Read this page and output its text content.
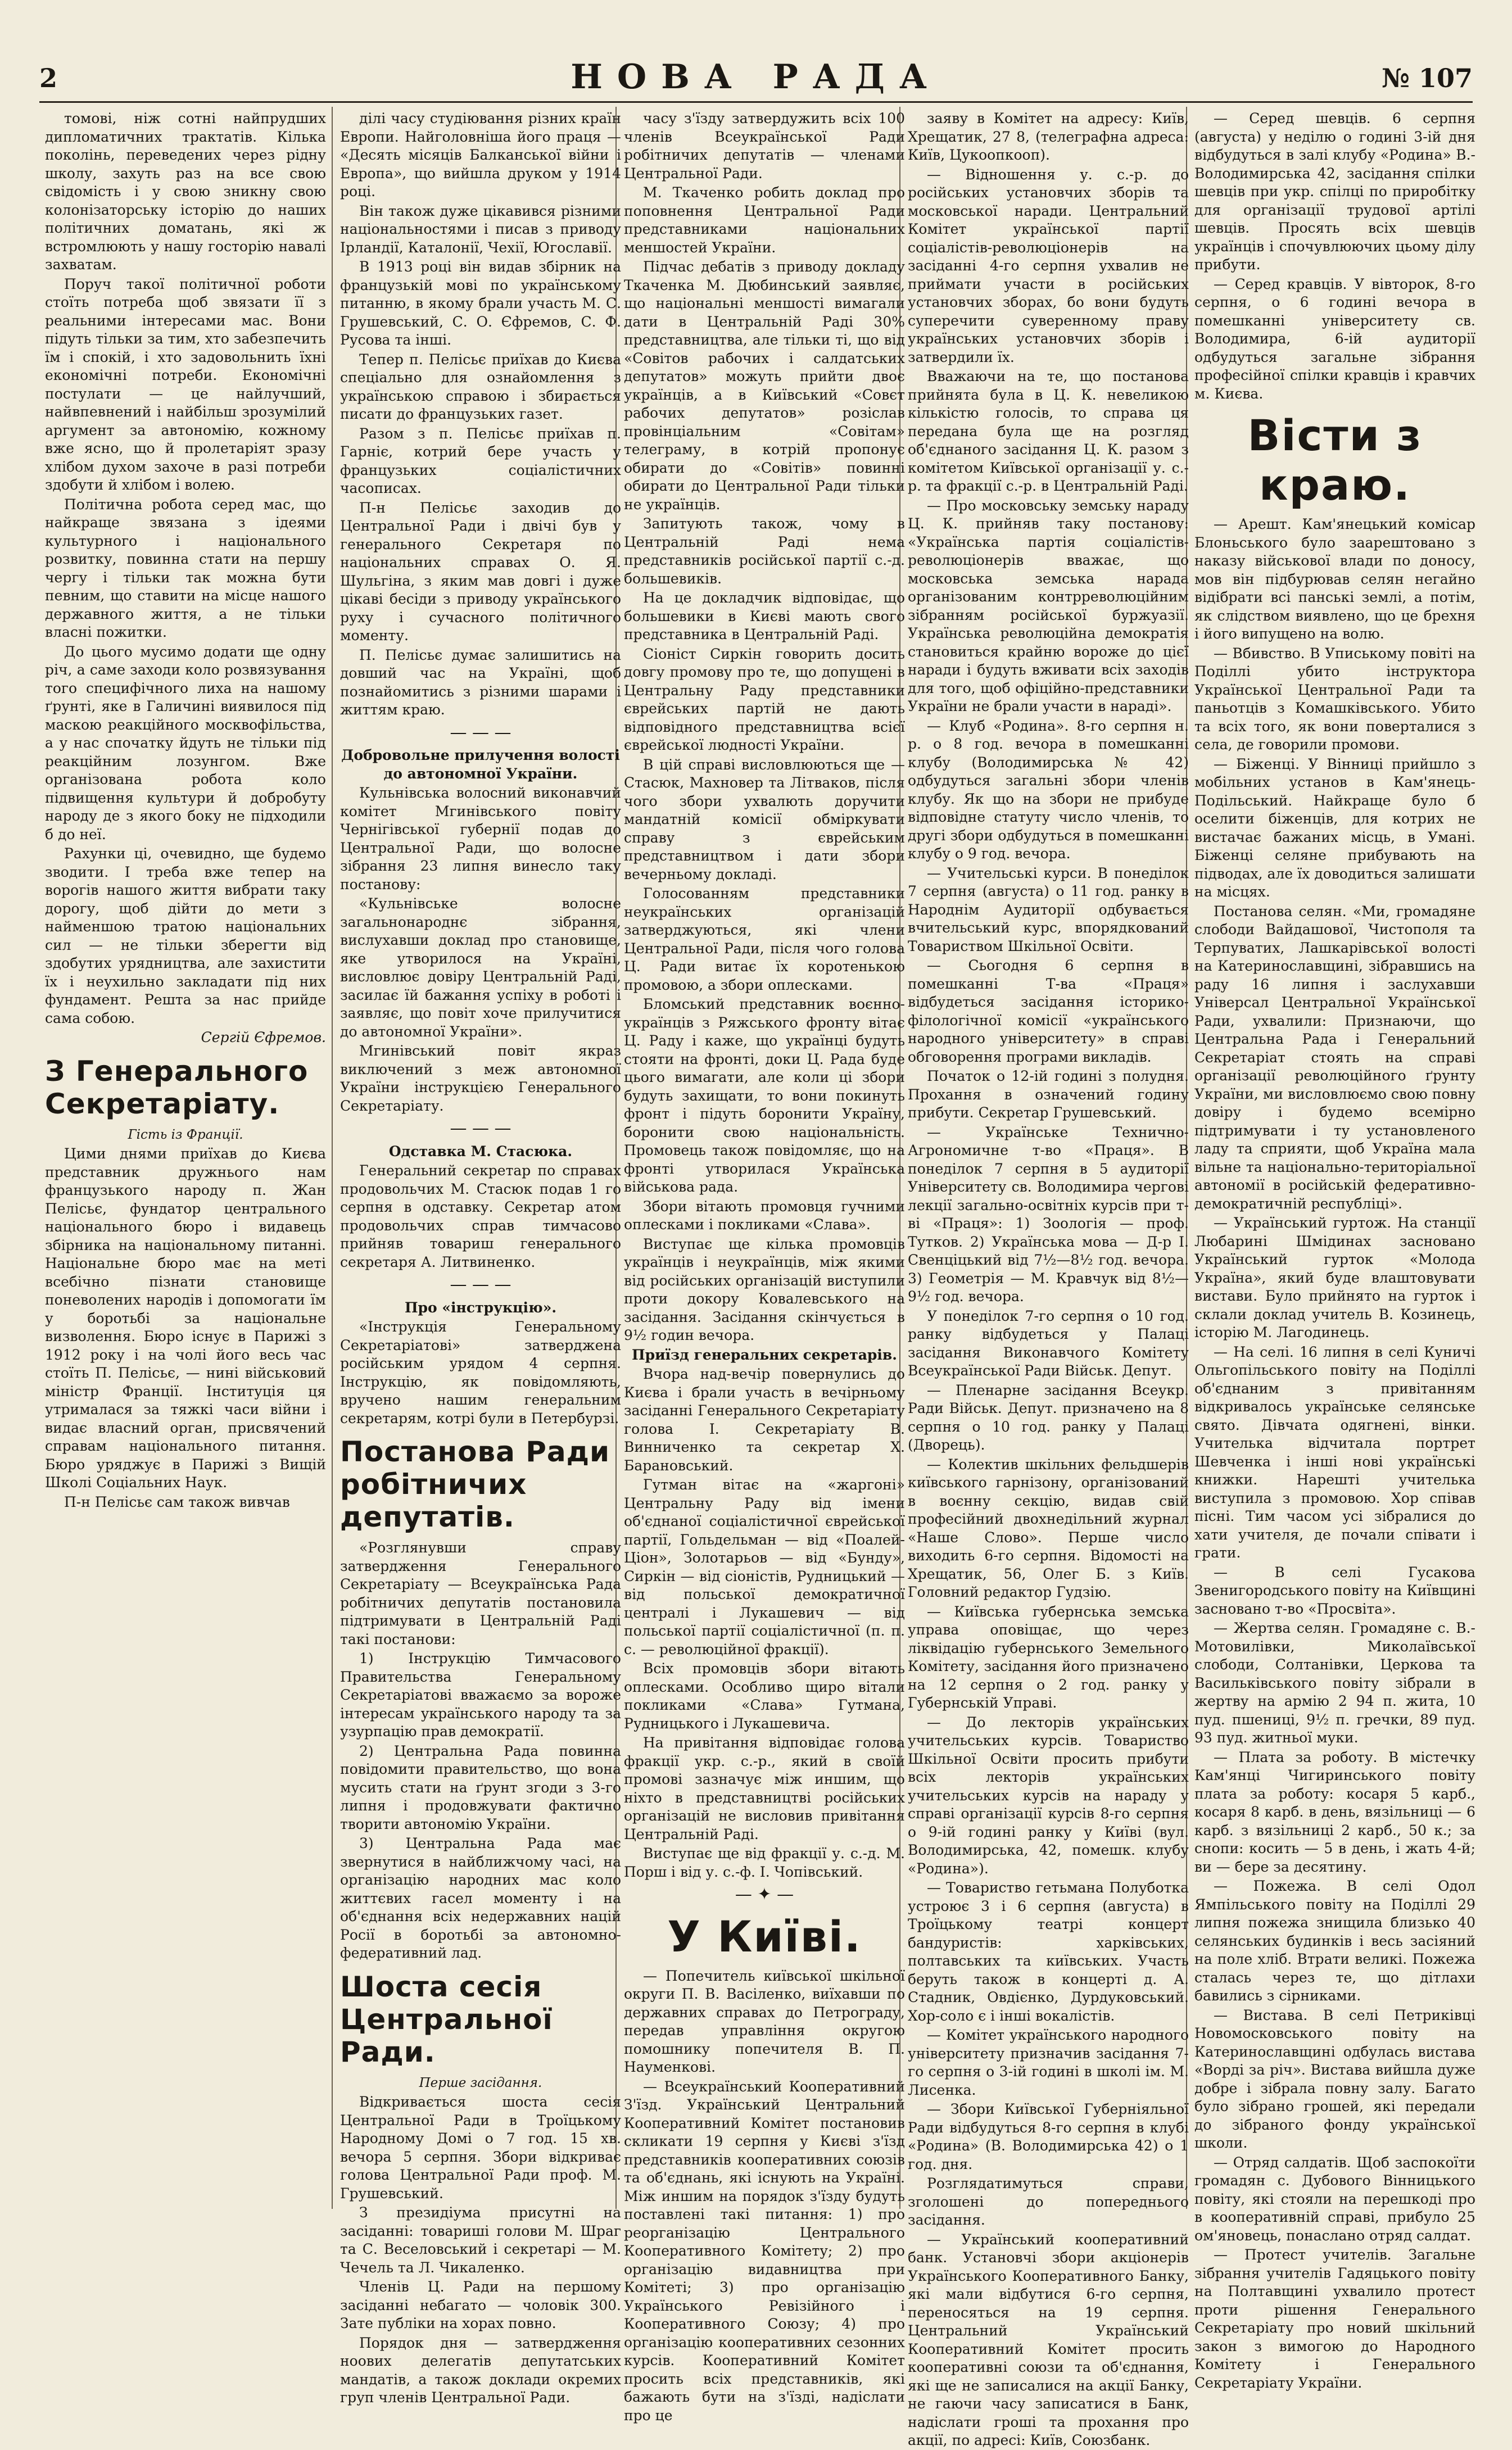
2	НОВА РАДА	№ 107

томові, ніж сотні найпрудших дипломатичних трактатів. Кілька поколінь, переведених через рідну школу, захуть раз на все свою свідомість і у свою зникну свою колонізаторську історію до наших політичних доматань, які ж встромлюють у нашу госторію навалі захватам.

Поруч такої політичної роботи стоїть потреба щоб звязати її з реальними інтересами мас. Вони підуть тільки за тим, хто забезпечить їм і спокій, і хто задовольнить їхні економічні потреби. Економічні постулати — це найлучший, найвпевнений і найбільш зрозумілий аргумент за автономію, кожному вже ясно, що й пролетаріят зразу хлібом духом захоче в разі потреби здобути й хлібом і волею.

Політична робота серед мас, що найкраще звязана з ідеями культурного і національного розвитку, повинна стати на першу чергу і тільки так можна бути певним, що ставити на місце нашого державного життя, а не тільки власні пожитки.

До цього мусимо додати ще одну річ, а саме заходи коло розвязування того специфічного лиха на нашому ґрунті, яке в Галичині виявилося під маскою реакційного москвофільства, а у нас спочатку йдуть не тільки під реакційним лозунгом. Вже організована робота коло підвищення культури й добробуту народу де з якого боку не підходили б до неї.

Рахунки ці, очевидно, ще будемо зводити. І треба вже тепер на ворогів нашого життя вибрати таку дорогу, щоб дійти до мети з найменшою тратою національних сил — не тільки зберегти від здобутих урядництва, але захистити їх і неухильно закладати під них фундамент. Решта за нас прийде сама собою.

Сергій Єфремов.

З Генерального Секретаріату.

Гість із Франції.

Цими днями приїхав до Києва представник дружнього нам французького народу п. Жан Пелісьє, фундатор центрального національного бюро і видавець збірника на національному питанні. Національне бюро має на меті всебічно пізнати становище поневолених народів і допомогати їм у боротьбі за національне визволення. Бюро існує в Парижі з 1912 року і на чолі його весь час стоїть П. Пелісьє, — нині військовий міністр Франції. Інституція ця утрималася за тяжкі часи війни і видає власний орган, присвячений справам національного питання. Бюро уряджує в Парижі з Вищій Школі Соціальних Наук.

П-н Пелісьє сам також вивчав

ділі часу студіювання різних країн Европи. Найголовніша його праця — «Десять місяців Балканської війни і Европа», що вийшла друком у 1914 році.

Він також дуже цікавився різними національностями і писав з приводу Ірландії, Каталонії, Чехії, Югославії.

В 1913 році він видав збірник на французькій мові по українському питанню, в якому брали участь М. С. Грушевський, С. О. Єфремов, С. Ф. Русова та інші.

Тепер п. Пелісьє приїхав до Києва спеціально для ознайомлення з українською справою і збирається писати до французьких газет.

Разом з п. Пелісьє приїхав п. Гарніє, котрий бере участь у французьких соціалістичних часописах.

П-н Пелісьє заходив до Центральної Ради і двічі був у генерального Секретаря по національних справах О. Я. Шульгіна, з яким мав довгі і дуже цікаві бесіди з приводу українського руху і сучасного політичного моменту.

П. Пелісьє думає залишитись на довший час на Україні, щоб познайомитись з різними шарами і життям краю.

— — —

Добровольне прилучення волості до автономної України.

Кульнівська волосний виконавчий комітет Мгинівського повіту Чернігівської губернії подав до Центральної Ради, що волосне зібрання 23 липня винесло таку постанову:

«Кульнівське волосне загальнонароднє зібрання, вислухавши доклад про становище, яке утворилося на Україні, висловлює довіру Центральній Раді, засилає їй бажання успіху в роботі і заявляє, що повіт хоче прилучитися до автономної України».

Мгинівський повіт якраз виключений з меж автономної України інструкцією Генерального Секретаріату.

— — —

Одставка М. Стасюка.

Генеральний секретар по справах продовольчих М. Стасюк подав 1 го серпня в одставку. Секретар атом продовольчих справ тимчасово прийняв товариш генерального секретаря А. Литвиненко.

— — —

Про «інструкцію».

«Інструкція Генеральному Секретаріатові» затверджена російським урядом 4 серпня. Інструкцію, як повідомляють, вручено нашим генеральним секретарям, котрі були в Петербурзі.

Постанова Ради робітничих депутатів.

«Розглянувши справу затвердження Генерального Секретаріату — Всеукраїнська Рада робітничих депутатів постановила підтримувати в Центральній Раді такі постанови:

1) Інструкцію Тимчасового Правительства Генеральному Секретаріатові вважаємо за вороже інтересам українського народу та за узурпацію прав демократії.

2) Центральна Рада повинна повідомити правительство, що вона мусить стати на ґрунт згоди з 3-го липня і продовжувати фактично творити автономію України.

3) Центральна Рада має звернутися в найближчому часі, на організацію народних мас коло життєвих гасел моменту і на об'єднання всіх недержавних націй Росії в боротьбі за автономно-федеративний лад.

Шоста сесія Центральної Ради.

Перше засідання.

Відкривається шоста сесія Центральної Ради в Троїцькому Народному Домі о 7 год. 15 хв. вечора 5 серпня. Збори відкриває голова Центральної Ради проф. М. Грушевський.

З президіума присутні на засіданні: товариші голови М. Шраг та С. Веселовський і секретарі — М. Чечель та Л. Чикаленко.

Членів Ц. Ради на першому засіданні небагато — чоловік 300. Зате публіки на хорах повно.

Порядок дня — затвердження ноових делегатів депутатських мандатів, а також доклади окремих груп членів Центральної Ради.

часу з'їзду затвердужить всіх 100 членів Всеукраїнської Ради робітничих депутатів — членами Центральної Ради.

М. Ткаченко робить доклад про поповнення Центральної Ради представниками національних меншостей України.

Підчас дебатів з приводу докладу Ткаченка М. Дюбинський заявляє, що національні меншості вимагали дати в Центральній Раді 30% представництва, але тільки ті, що від «Совітов рабочих і салдатських депутатов» можуть прийти двоє українців, а в Київський «Совєт рабочих депутатов» розіслав провінціальним «Совітам» телеграму, в котрій пропонує обирати до «Совітів» повинні обирати до Центральної Ради тільки не українців.

Запитують також, чому в Центральній Раді нема представників російської партії с.-д. большевиків.

На це докладчик відповідає, що большевики в Києві мають свого представника в Центральній Раді.

Сіоніст Сиркін говорить досить довгу промову про те, що допущені в Центральну Раду представники єврейських партій не дають відповідного представництва всієї єврейської людності України.

В цій справі висловлюються ще — Стасюк, Махновер та Літваков, після чого збори ухвалють доручити мандатній комісії обміркувати справу з єврейським представництвом і дати збори вечерньому докладі.

Голосованням представники неукраїнських організацій затверджуються, які члени Центральної Ради, після чого голова Ц. Ради витає їх коротенькою промовою, а збори оплесками.

Бломський представник воєнно-українців з Ряжського фронту вітає Ц. Раду і каже, що українці будуть стояти на фронті, доки Ц. Рада буде цього вимагати, але коли ці збори будуть захищати, то вони покинуть фронт і підуть боронити Україну, боронити свою національність. Промовець також повідомляє, що на фронті утворилася Українська військова рада.

Збори вітають промовця гучними оплесками і покликами «Слава».

Виступає ще кілька промовців українців і неукраїнців, між якими від російських організацій виступили проти докору Ковалевського на засідання. Засідання скінчується в 9½ годин вечора.

Приїзд генеральних секретарів.

Вчора над-вечір повернулись до Києва і брали участь в вечірньому засіданні Генерального Секретаріату голова І. Секретаріату В. Винниченко та секретар Х. Барановський.

Гутман вітає на «жаргоні» Центральну Раду від імени об'єднаної соціалістичної єврейської партії, Гольдельман — від «Поалей-Ціон», Золотарьов — від «Бунду», Сиркін — від сіоністів, Рудницький — від польської демократичної централі і Лукашевич — від польської партії соціалістичної (п. п. с. — революційної фракції).

Всіх промовців збори вітають оплесками. Особливо щиро вітали покликами «Слава» Гутмана, Рудницького і Лукашевича.

На привітання відповідає голова фракції укр. с.-р., який в своїй промові зазначує між иншим, що ніхто в представництві російських організацій не висловив привітання Центральній Раді.

Виступає ще від фракції у. с.-д. М. Порш і від у. с.-ф. І. Чопівський.

— ✦ —

У Київі.

— Попечитель київської шкільної округи П. В. Васіленко, виїхавши по державних справах до Петрограду, передав управління округою помошнику попечителя В. П. Науменкові.

— Всеукраїнський Кооперативний З'їзд. Український Центральний Кооперативний Комітет постановив скликати 19 серпня у Києві з'їзд представників кооперативних союзів та об'єднань, які існують на Україні. Між иншим на порядок з'їзду будуть поставлені такі питання: 1) про реорганізацію Центрального Кооперативного Комітету; 2) про організацію видавництва при Комітеті; 3) про організацію Українського Ревізійного і Кооперативного Союзу; 4) про організацію кооперативних сезонних курсів. Кооперативний Комітет просить всіх представників, які бажають бути на з'їзді, надіслати про це

заяву в Комітет на адресу: Київ, Хрещатик, 27 8, (телеграфна адреса: Київ, Цукоопкооп).

— Відношення у. с.-р. до російських установчих зборів та московської наради. Центральний Комітет української партії соціалістів-революціонерів на засіданні 4-го серпня ухвалив не приймати участи в російських установчих зборах, бо вони будуть суперечити суверенному праву українських установчих зборів і затвердили їх.

Вважаючи на те, що постанова прийнята була в Ц. К. невеликою кількістю голосів, то справа ця передана була ще на розгляд об'єднаного засідання Ц. К. разом з комітетом Київської організації у. с.-р. та фракції с.-р. в Центральній Раді.

— Про московську земську нараду Ц. К. прийняв таку постанову: «Українська партія соціалістів-революціонерів вважає, що московська земська нарада організованим контрреволюційним зібранням російської буржуазії. Українська революційна демократія становиться крайню вороже до цієї наради і будуть вживати всіх заходів для того, щоб офіційно-представники України не брали участи в нараді».

— Клуб «Родина». 8-го серпня н. р. о 8 год. вечора в помешканні клубу (Володимирська № 42) одбудуться загальні збори членів клубу. Як що на збори не прибуде відповідне статуту число членів, то другі збори одбудуться в помешканні клубу о 9 год. вечора.

— Учительські курси. В понеділок 7 серпня (августа) о 11 год. ранку в Народнім Аудиторії одбувається вчительський курс, впорядкований Товариством Шкільної Освіти.

— Сьогодня 6 серпня в помешканні Т-ва «Праця» відбудеться засідання історико-філологічної комісії «українського народного університету» в справі обговорення програми викладів.

Початок о 12-ій годині з полудня. Прохання в означений годину прибути. Секретар Грушевський.

— Українське Технично-Агрономичне т-во «Праця». В понеділок 7 серпня в 5 аудиторії Університету св. Володимира чергові лекції загально-освітніх курсів при т-ві «Праця»: 1) Зоологія — проф. Тутков. 2) Українська мова — Д-р І. Свенціцький від 7½—8½ год. вечора. 3) Геометрія — М. Кравчук від 8½—9½ год. вечора.

У понеділок 7-го серпня о 10 год. ранку відбудеться у Палаці засідання Виконавчого Комітету Всеукраїнської Ради Військ. Депут.

— Пленарне засідання Всеукр. Ради Військ. Депут. призначено на 8 серпня о 10 год. ранку у Палаці (Дворець).

— Колектив шкільних фельдшерів київського гарнізону, організований в воєнну секцію, видав свій професійний двохнедільний журнал «Наше Слово». Перше число виходить 6-го серпня. Відомості на Хрещатик, 56, Олег Б. з Київ. Головний редактор Гудзію.

— Київська губернська земська управа оповіщає, що через ліквідацію губернського Земельного Комітету, засідання його призначено на 12 серпня о 2 год. ранку у Губернській Управі.

— До лекторів українських учительських курсів. Товариство Шкільної Освіти просить прибути всіх лекторів українських учительських курсів на нараду у справі організації курсів 8-го серпня о 9-ій годині ранку у Київі (вул. Володимирська, 42, помешк. клубу «Родина»).

— Товариство гетьмана Полуботка устроює 3 і 6 серпня (августа) в Троїцькому театрі концерт бандуристів: харківських, полтавських та київських. Участь беруть також в концерті д. А. Стадник, Овдієнко, Дурдуковський. Хор-соло є і інші вокалістів.

— Комітет українського народного університету призначив засідання 7-го серпня о 3-ій годині в школі ім. М. Лисенка.

— Збори Київської Губерніяльної Ради відбудуться 8-го серпня в клубі «Родина» (В. Володимирська 42) о 1 год. дня.

Розглядатимуться справи, зголошені до попереднього засідання.

— Український кооперативний банк. Установчі збори акціонерів Українського Кооперативного Банку, які мали відбутися 6-го серпня, переносяться на 19 серпня. Центральний Український Кооперативний Комітет просить кооперативні союзи та об'єднання, які ще не записалися на акції Банку, не гаючи часу записатися в Банк, надіслати гроші та прохання про акції, по адресі: Київ, Союзбанк.

— Серед шевців. 6 серпня (августа) у неділю о годині 3-ій дня відбудуться в залі клубу «Родина» В.-Володимирська 42, засідання спілки шевців при укр. спілці по приробітку для організації трудової артілі шевців. Просять всіх шевців українців і спочувлюючих цьому ділу прибути.

— Серед кравців. У вівторок, 8-го серпня, о 6 годині вечора в помешканні університету св. Володимира, 6-ій аудиторії одбудуться загальне зібрання професійної спілки кравців і кравчих м. Києва.

Вісти з краю.

— Арешт. Кам'янецький комісар Блоньського було заарештовано з наказу військової влади по доносу, мов він підбурював селян негайно відібрати всі панські землі, а потім, як слідством виявлено, що це брехня і його випущено на волю.

— Вбивство. В Упиському повіті на Поділлі убито інструктора Української Центральної Ради та паньотців з Комашківського. Убито та всіх того, як вони поверталися з села, де говорили промови.

— Біженці. У Вінниці прийшло з мобільних установ в Кам'янець-Подільський. Найкраще було б оселити біженців, для котрих не вистачає бажаних місць, в Умані. Біженці селяне прибувають на підводах, але їх доводиться залишати на місцях.

Постанова селян. «Ми, громадяне слободи Вайдашової, Чистополя та Терпуватих, Лашкарівської волості на Катеринославщині, зібравшись на раду 16 липня і заслухавши Універсал Центральної Української Ради, ухвалили: Признаючи, що Центральна Рада і Генеральний Секретаріат стоять на справі організації революційного ґрунту України, ми висловлюємо свою повну довіру і будемо всемірно підтримувати і ту установленого ладу та сприяти, щоб Україна мала вільне та національно-територіальної автономії в російській федеративно-демократичній республіці».

— Український гуртож. На станції Любарині Шмідинах засновано Український гурток «Молода Україна», який буде влаштовувати вистави. Було прийнято на гурток і склали доклад учитель В. Козинець, історію М. Лагодинець.

— На селі. 16 липня в селі Куничі Ольгопільського повіту на Поділлі об'єднаним з привітанням відкривалось українське селянське свято. Дівчата одягнені, вінки. Учителька відчитала портрет Шевченка і інші нові українські книжки. Нарешті учителька виступила з промовою. Хор співав пісні. Тим часом усі зібралися до хати учителя, де почали співати і грати.

— В селі Гусакова Звенигородського повіту на Київщині засновано т-во «Просвіта».

— Жертва селян. Громадяне с. В.-Мотовилівки, Миколаївської слободи, Солтанівки, Церкова та Васильківського повіту зібрали в жертву на армію 2 94 п. жита, 10 пуд. пшениці, 9½ п. гречки, 89 пуд. 93 пуд. житньої муки.

— Плата за роботу. В містечку Кам'янці Чигиринського повіту плата за роботу: косаря 5 карб., косаря 8 карб. в день, вязільниці — 6 карб. з вязільниці 2 карб., 50 к.; за снопи: косить — 5 в день, і жать 4-й; ви — бере за десятину.

— Пожежа. В селі Одол Ямпільського повіту на Поділлі 29 липня пожежа знищила близько 40 селянських будинків і весь засіяний на поле хліб. Втрати великі. Пожежа сталась через те, що дітлахи бавились з сірниками.

— Вистава. В селі Петриківці Новомосковського повіту на Катеринославщині одбулась вистава «Ворді за річ». Вистава вийшла дуже добре і зібрала повну залу. Багато було зібрано грошей, які передали до зібраного фонду української школи.

— Отряд салдатів. Щоб заспокоїти громадян с. Дубового Вінницького повіту, які стояли на перешкоді про в кооперативній справі, прибуло 25 ом'яновець, понаслано отряд салдат.

— Протест учителів. Загальне зібрання учителів Гадяцького повіту на Полтавщині ухвалило протест проти рішення Генерального Секретаріату про новий шкільний закон з вимогою до Народного Комітету і Генерального Секретаріату України.
